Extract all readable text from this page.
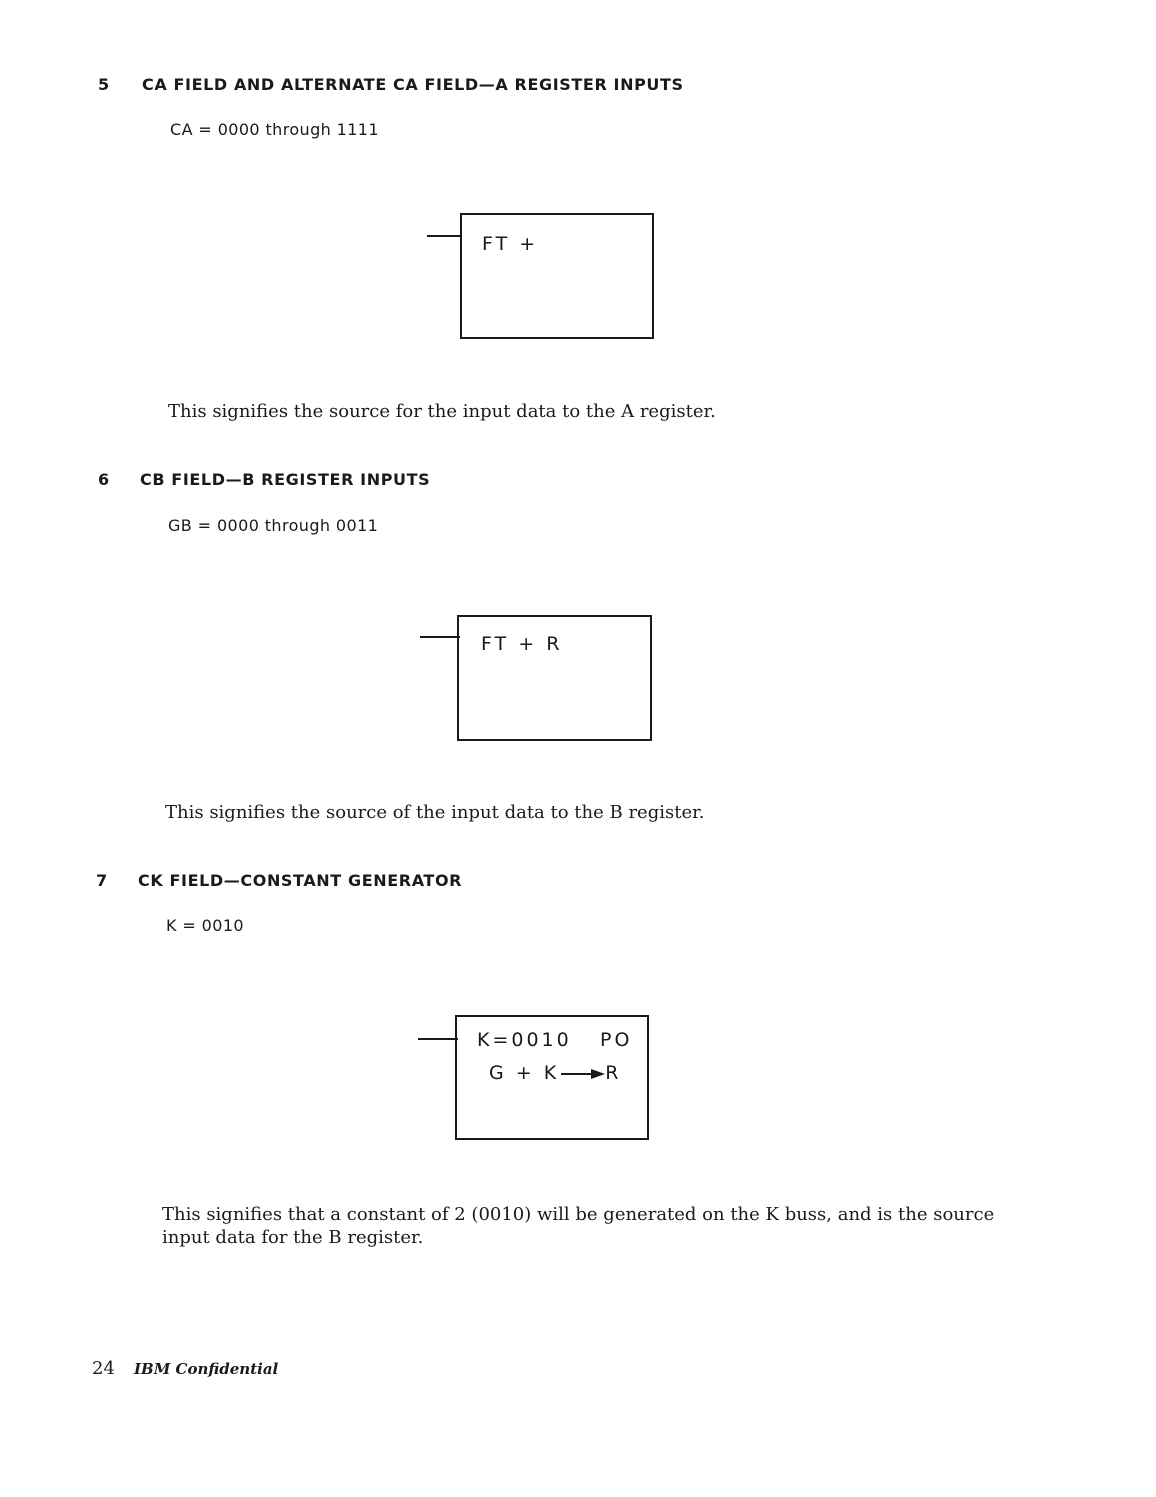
5 CA FIELD AND ALTERNATE CA FIELD—A REGISTER INPUTS
CA = 0000 through 1111
FT +
This signifies the source for the input data to the A register.
6 CB FIELD—B REGISTER INPUTS
GB = 0000 through 0011
FT + R
This signifies the source of the input data to the B register.
7 CK FIELD—CONSTANT GENERATOR
K = 0010
K=0010 PO
G + K R
This signifies that a constant of 2 (0010) will be generated on the K buss, and is the source
input data for the B register.
24 IBM Confidential
